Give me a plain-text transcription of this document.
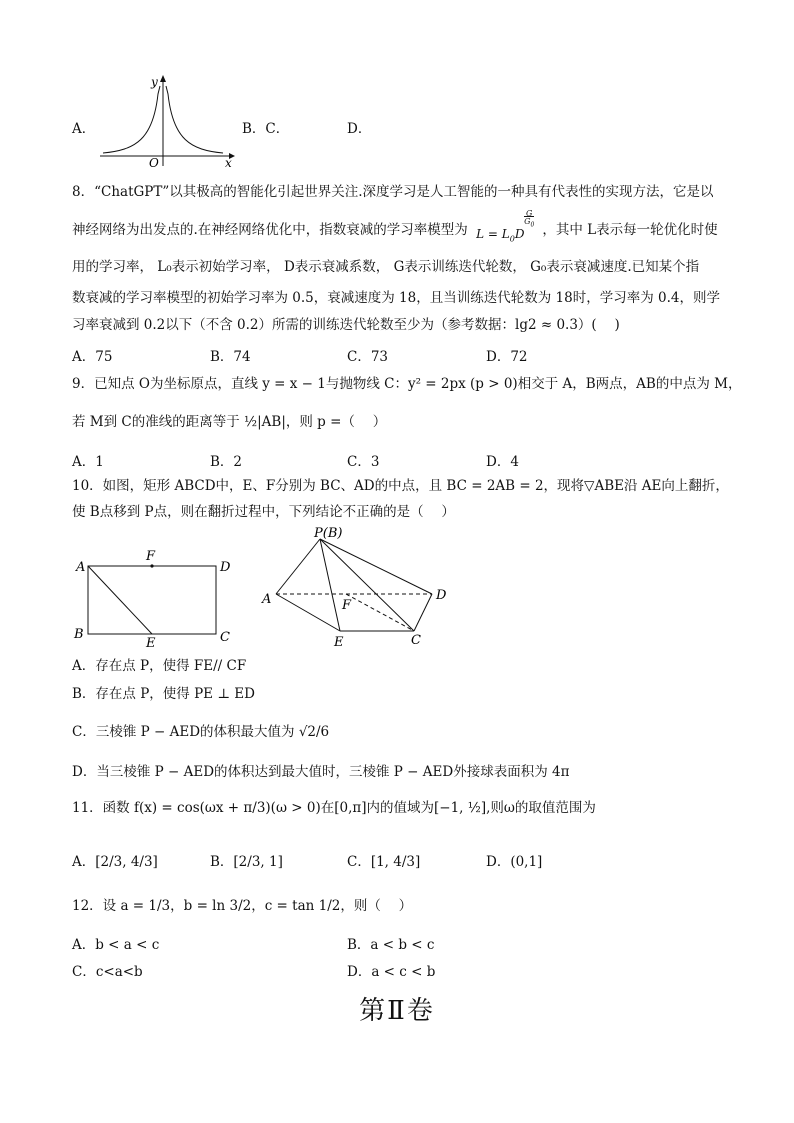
A．
y
x
O
B．C．	D．
8．“ChatGPT”以其极高的智能化引起世界关注.深度学习是人工智能的一种具有代表性的实现方法，它是以
神经网络为出发点的.在神经网络优化中，指数衰减的学习率模型为 $L = L_0D$
G
$G_0$ ，其中 L表示每一轮优化时使
用的学习率， L₀表示初始学习率， D表示衰减系数， G表示训练迭代轮数， G₀表示衰减速度.已知某个指
数衰减的学习率模型的初始学习率为 0.5，衰减速度为 18，且当训练迭代轮数为 18时，学习率为 0.4，则学
习率衰减到 0.2以下（不含 0.2）所需的训练迭代轮数至少为（参考数据：lg2 ≈ 0.3）(　 )
A．75	B．74	C．73	D．72
9．已知点 O为坐标原点，直线 y = x − 1与抛物线 C：y² = 2px (p > 0)相交于 A，B两点，AB的中点为 M，
若 M到 C的准线的距离等于 ½|AB|，则 p =（　 ）
A．1	B．2	C．3	D．4
10．如图，矩形 ABCD中，E、F分别为 BC、AD的中点，且 BC = 2AB = 2，现将▽ABE沿 AE向上翻折，
使 B点移到 P点，则在翻折过程中，下列结论不正确的是（　 ）
A
F
D
B
E	C
P(B)
A	F
D
E	C
A．存在点 P，使得 FE// CF
B．存在点 P，使得 PE ⊥ ED
C．三棱锥 P − AED的体积最大值为 √2/6
D．当三棱锥 P − AED的体积达到最大值时，三棱锥 P − AED外接球表面积为 4π
11．函数 f(x) = cos(ωx + π/3)(ω > 0)在[0,π]内的值域为[−1, ½],则ω的取值范围为
A．[2/3, 4/3]	B．[2/3, 1]	C．[1, 4/3]	D．(0,1]
12．设 a = 1/3，b = ln 3/2，c = tan 1/2，则（　 ）
A．b < a < c	B．a < b < c
C．c<a<b	D．a < c < b
第Ⅱ卷
